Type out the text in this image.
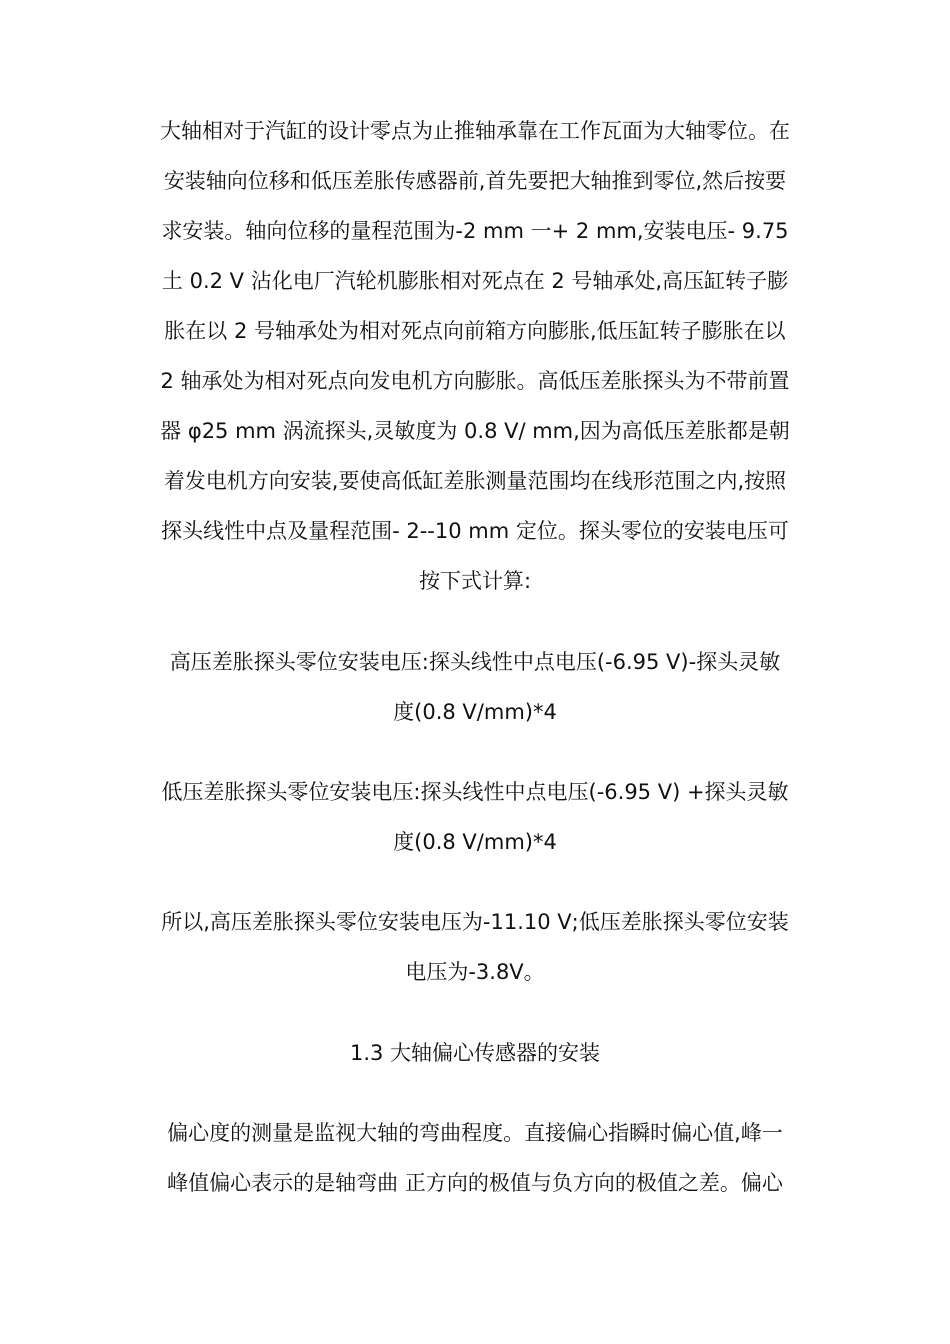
大轴相对于汽缸的设计零点为止推轴承靠在工作瓦面为大轴零位。在
安装轴向位移和低压差胀传感器前,首先要把大轴推到零位,然后按要
求安装。轴向位移的量程范围为-2 mm 一+ 2 mm,安装电压- 9.75
土 0.2 V 沾化电厂汽轮机膨胀相对死点在 2 号轴承处,高压缸转子膨
胀在以 2 号轴承处为相对死点向前箱方向膨胀,低压缸转子膨胀在以
2 轴承处为相对死点向发电机方向膨胀。高低压差胀探头为不带前置
器 φ25 mm 涡流探头,灵敏度为 0.8 V/ mm,因为高低压差胀都是朝
着发电机方向安装,要使高低缸差胀测量范围均在线形范围之内,按照
探头线性中点及量程范围- 2--10 mm 定位。探头零位的安装电压可
按下式计算:

高压差胀探头零位安装电压:探头线性中点电压(-6.95 V)-探头灵敏
度(0.8 V/mm)*4

低压差胀探头零位安装电压:探头线性中点电压(-6.95 V) +探头灵敏
度(0.8 V/mm)*4

所以,高压差胀探头零位安装电压为-11.10 V;低压差胀探头零位安装
电压为-3.8V。

1.3 大轴偏心传感器的安装

偏心度的测量是监视大轴的弯曲程度。直接偏心指瞬时偏心值,峰一
峰值偏心表示的是轴弯曲 正方向的极值与负方向的极值之差。偏心
